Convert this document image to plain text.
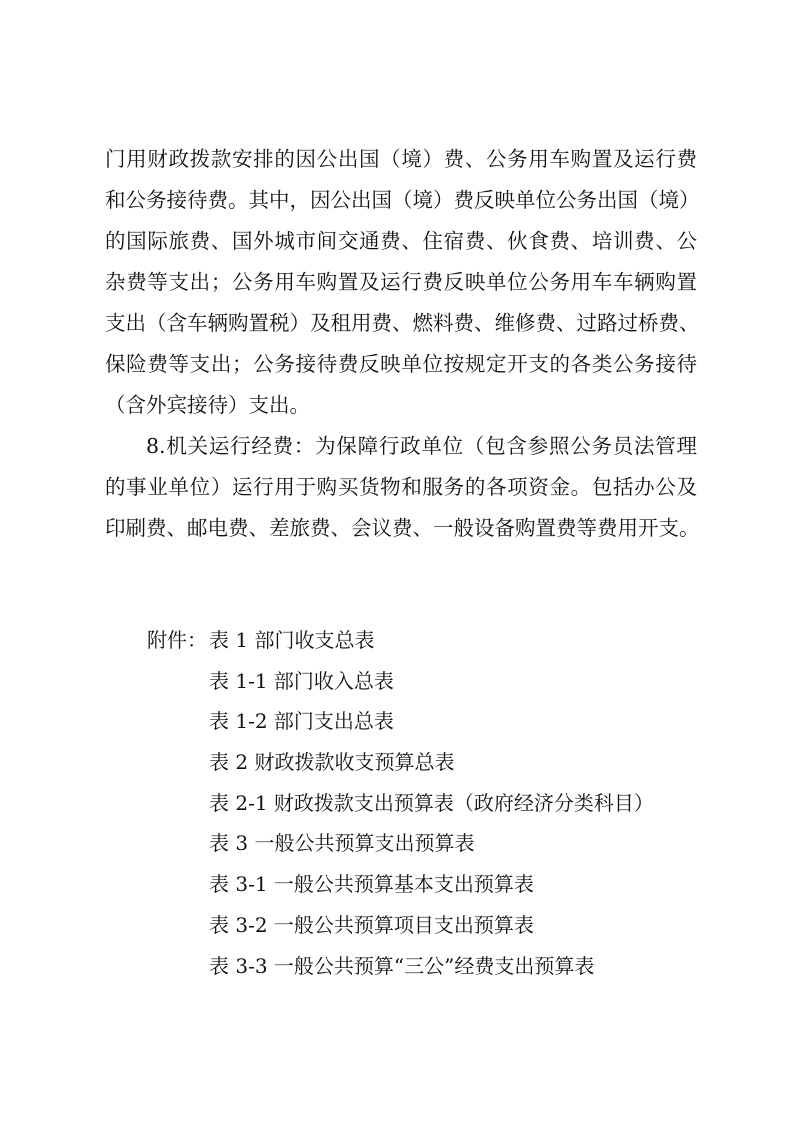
门用财政拨款安排的因公出国（境）费、公务用车购置及运行费
和公务接待费。其中，因公出国（境）费反映单位公务出国（境）
的国际旅费、国外城市间交通费、住宿费、伙食费、培训费、公
杂费等支出；公务用车购置及运行费反映单位公务用车车辆购置
支出（含车辆购置税）及租用费、燃料费、维修费、过路过桥费、
保险费等支出；公务接待费反映单位按规定开支的各类公务接待
（含外宾接待）支出。
8.机关运行经费：为保障行政单位（包含参照公务员法管理
的事业单位）运行用于购买货物和服务的各项资金。包括办公及
印刷费、邮电费、差旅费、会议费、一般设备购置费等费用开支。
附件： 表 1 部门收支总表
表 1-1 部门收入总表
表 1-2 部门支出总表
表 2 财政拨款收支预算总表
表 2-1 财政拨款支出预算表（政府经济分类科目）
表 3 一般公共预算支出预算表
表 3-1 一般公共预算基本支出预算表
表 3-2 一般公共预算项目支出预算表
表 3-3 一般公共预算“三公”经费支出预算表
